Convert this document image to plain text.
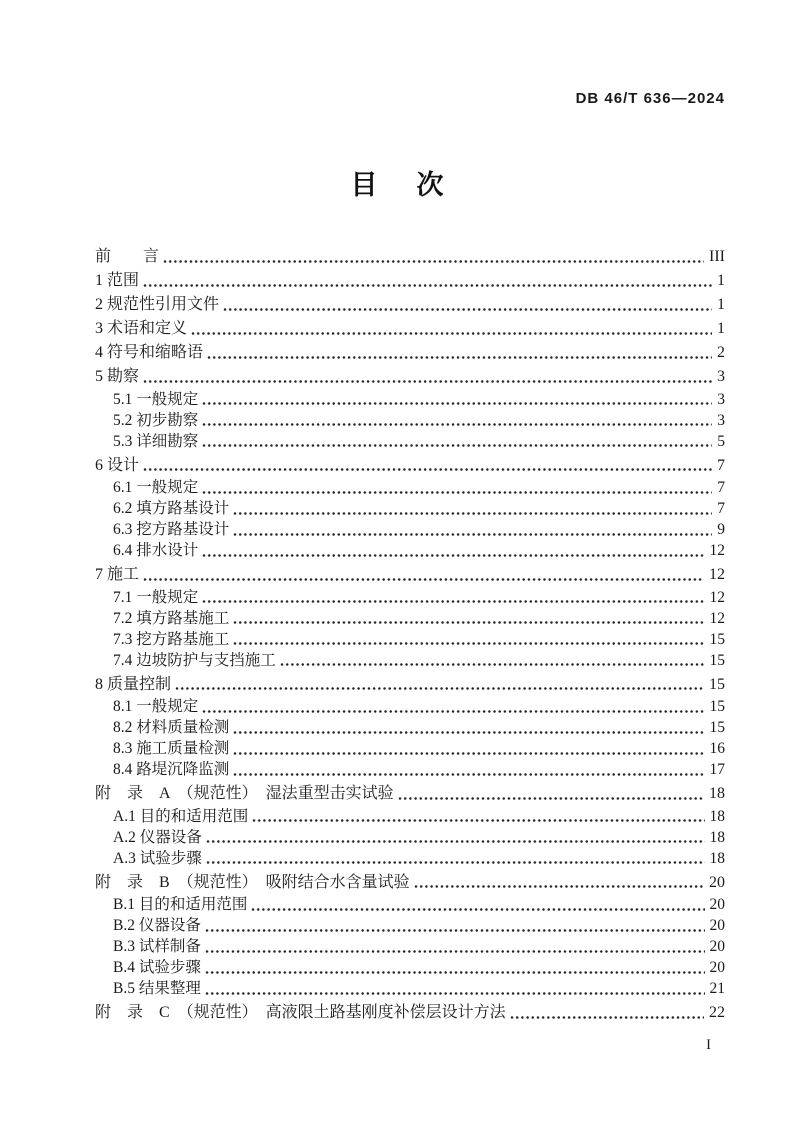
DB 46/T 636—2024
目　次
前　　言	III
1 范围	1
2 规范性引用文件	1
3 术语和定义	1
4 符号和缩略语	2
5 勘察	3
5.1 一般规定	3
5.2 初步勘察	3
5.3 详细勘察	5
6 设计	7
6.1 一般规定	7
6.2 填方路基设计	7
6.3 挖方路基设计	9
6.4 排水设计	12
7 施工	12
7.1 一般规定	12
7.2 填方路基施工	12
7.3 挖方路基施工	15
7.4 边坡防护与支挡施工	15
8 质量控制	15
8.1 一般规定	15
8.2 材料质量检测	15
8.3 施工质量检测	16
8.4 路堤沉降监测	17
附　录　A　（规范性）　湿法重型击实试验	18
A.1 目的和适用范围	18
A.2 仪器设备	18
A.3 试验步骤	18
附　录　B　（规范性）　吸附结合水含量试验	20
B.1 目的和适用范围	20
B.2 仪器设备	20
B.3 试样制备	20
B.4 试验步骤	20
B.5 结果整理	21
附　录　C　（规范性）　高液限土路基刚度补偿层设计方法	22
I
